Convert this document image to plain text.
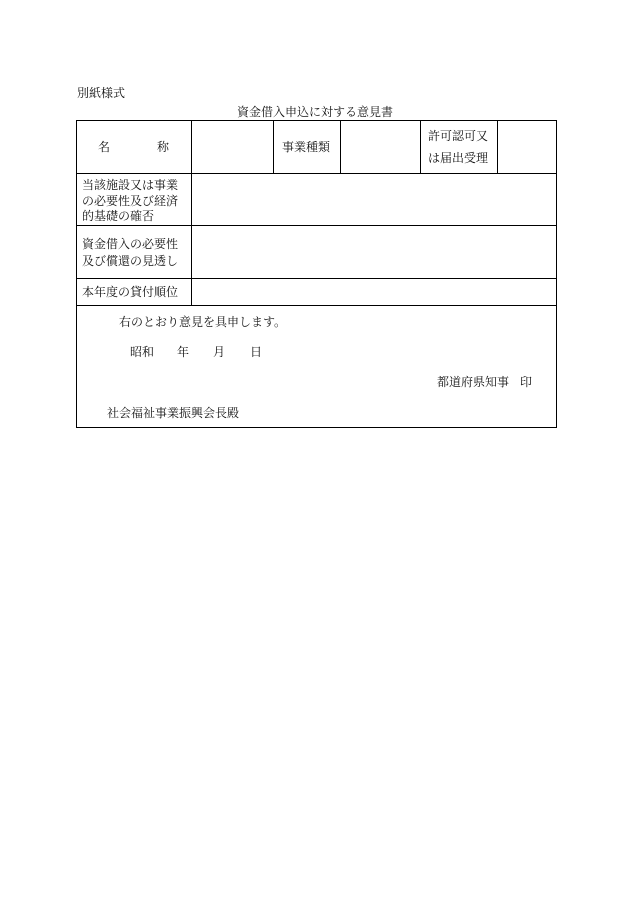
別紙様式
資金借入申込に対する意見書
名	称	事業種類
許可認可又
は届出受理
当該施設又は事業
の必要性及び経済
的基礎の確否
資金借入の必要性
及び償還の見透し
本年度の貸付順位
右のとおり意見を具申します。
昭和 年 月 日
都道府県知事 印
社会福祉事業振興会長殿
